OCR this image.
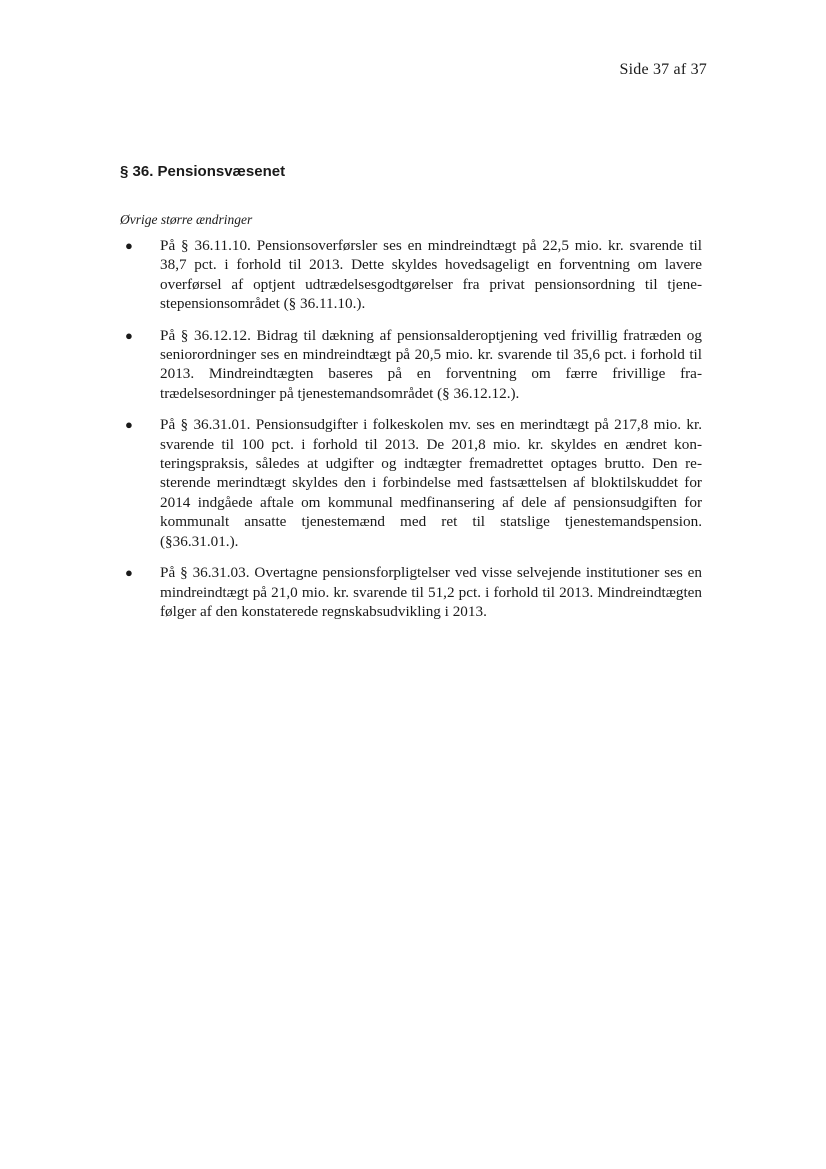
Side 37 af 37
§ 36. Pensionsvæsenet

Øvrige større ændringer

● På § 36.11.10. Pensionsoverførsler ses en mindreindtægt på 22,5 mio. kr. svarende til 38,7 pct. i forhold til 2013. Dette skyldes hovedsageligt en forventning om lavere overførsel af optjent udtrædelsesgodtgørelser fra privat pensionsordning til tjenestepensionsområdet (§ 36.11.10.).
● På § 36.12.12. Bidrag til dækning af pensionsalderoptjening ved frivillig fratræden og seniorordninger ses en mindreindtægt på 20,5 mio. kr. svarende til 35,6 pct. i forhold til 2013. Mindreindtægten baseres på en forventning om færre frivillige fratrædelsesordninger på tjenestemandsområdet (§ 36.12.12.).
● På § 36.31.01. Pensionsudgifter i folkeskolen mv. ses en merindtægt på 217,8 mio. kr. svarende til 100 pct. i forhold til 2013. De 201,8 mio. kr. skyldes en ændret konteringspraksis, således at udgifter og indtægter fremadrettet optages brutto. Den resterende merindtægt skyldes den i forbindelse med fastsættelsen af bloktilskuddet for 2014 indgåede aftale om kommunal medfinansering af dele af pensionsudgiften for kommunalt ansatte tjenestemænd med ret til statslige tjenestemandspension. (§36.31.01.).
● På § 36.31.03. Overtagne pensionsforpligtelser ved visse selvejende institutioner ses en mindreindtægt på 21,0 mio. kr. svarende til 51,2 pct. i forhold til 2013. Mindreindtægten følger af den konstaterede regnskabsudvikling i 2013.
